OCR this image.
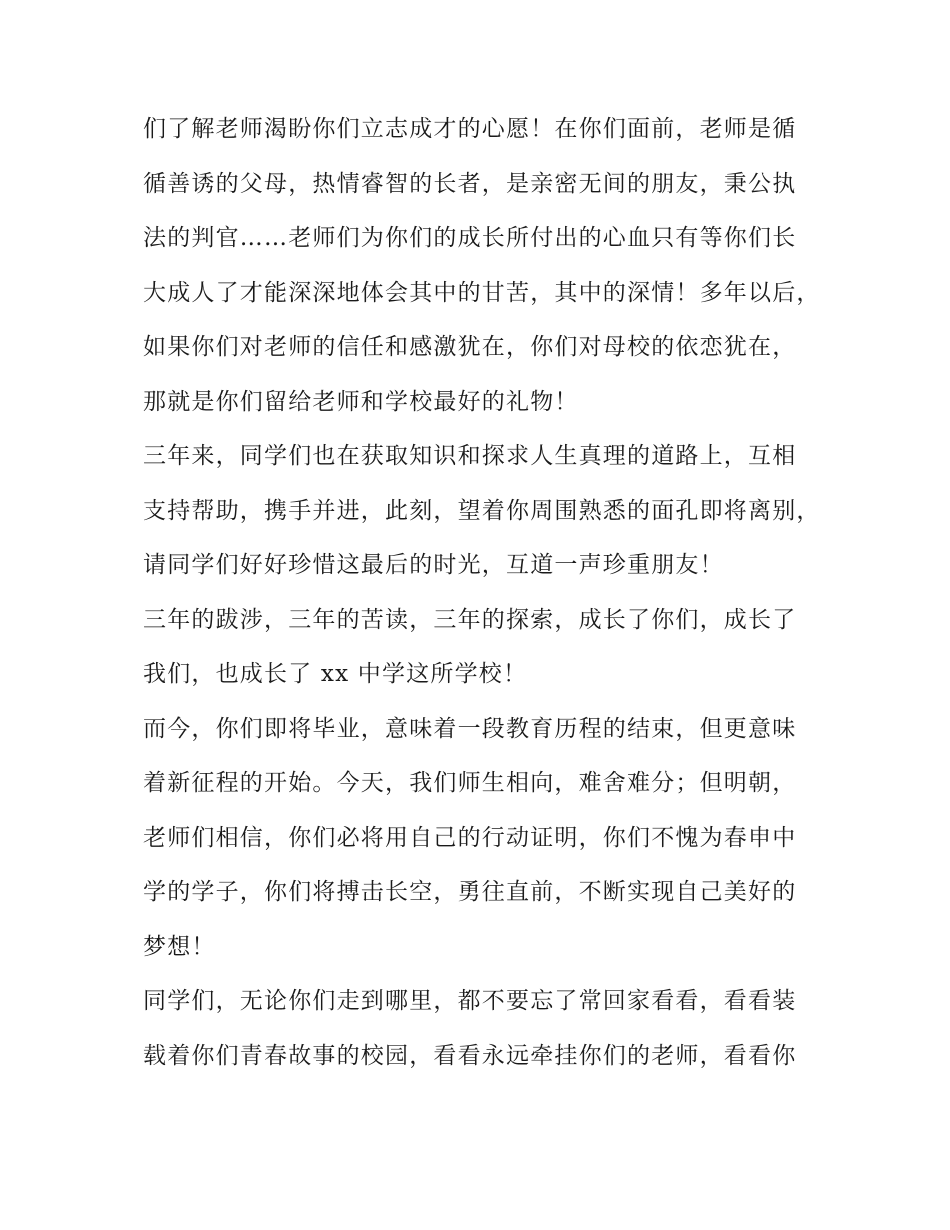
们了解老师渴盼你们立志成才的心愿！在你们面前，老师是循
循善诱的父母，热情睿智的长者，是亲密无间的朋友，秉公执
法的判官……老师们为你们的成长所付出的心血只有等你们长
大成人了才能深深地体会其中的甘苦，其中的深情！多年以后，
如果你们对老师的信任和感激犹在，你们对母校的依恋犹在，
那就是你们留给老师和学校最好的礼物！
三年来，同学们也在获取知识和探求人生真理的道路上，互相
支持帮助，携手并进，此刻，望着你周围熟悉的面孔即将离别，
请同学们好好珍惜这最后的时光，互道一声珍重朋友！
三年的跋涉，三年的苦读，三年的探索，成长了你们，成长了
我们，也成长了 xx 中学这所学校！
而今，你们即将毕业，意味着一段教育历程的结束，但更意味
着新征程的开始。今天，我们师生相向，难舍难分；但明朝，
老师们相信，你们必将用自己的行动证明，你们不愧为春申中
学的学子，你们将搏击长空，勇往直前，不断实现自己美好的
梦想！
同学们，无论你们走到哪里，都不要忘了常回家看看，看看装
载着你们青春故事的校园，看看永远牵挂你们的老师，看看你
